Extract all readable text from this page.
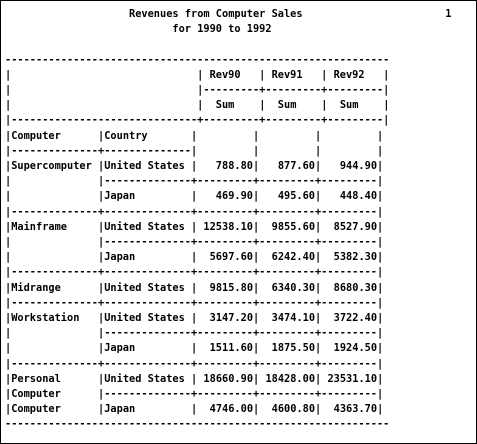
Revenues from Computer Sales	1
for 1990 to 1992

--------------------------------------------------------------
|                              | Rev90   | Rev91   | Rev92   |
|                              |---------+---------+---------|
|                              |  Sum    |  Sum    |  Sum    |
|------------------------------+---------+---------+---------|
|Computer      |Country	|         |         |         |
|--------------+--------------|         |         |         |
|Supercomputer |United States |   788.80|   877.60|   944.90|
|              |--------------+---------+---------+---------|
|              |Japan         |   469.90|   495.60|   448.40|
|--------------+--------------+---------+---------+---------|
|Mainframe     |United States | 12538.10|  9855.60|  8527.90|
|              |--------------+---------+---------+---------|
|              |Japan         |  5697.60|  6242.40|  5382.30|
|--------------+--------------+---------+---------+---------|
|Midrange      |United States |  9815.80|  6340.30|  8680.30|
|--------------+--------------+---------+---------+---------|
|Workstation   |United States |  3147.20|  3474.10|  3722.40|
|              |--------------+---------+---------+---------|
|              |Japan         |  1511.60|  1875.50|  1924.50|
|--------------+--------------+---------+---------+---------|
|Personal      |United States | 18660.90| 18428.00| 23531.10|
|Computer	|--------------+---------+---------+---------|
|Computer      |Japan         |  4746.00|  4600.80|  4363.70|
--------------------------------------------------------------
